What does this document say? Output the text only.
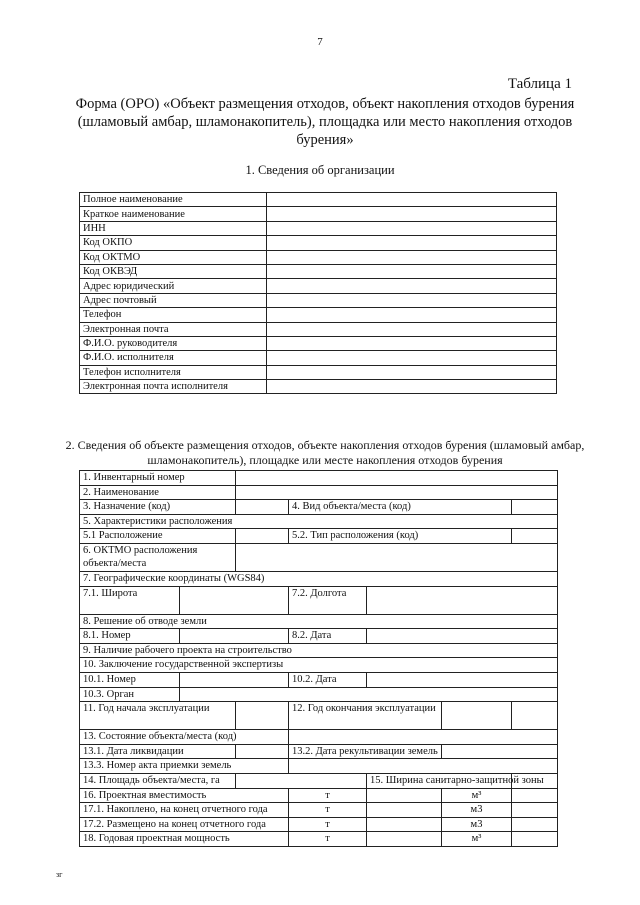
7
Таблица 1
Форма (ОРО) «Объект размещения отходов, объект накопления отходов бурения (шламовый амбар, шламонакопитель), площадка или место накопления отходов бурения»
1. Сведения об организации
Полное наименование	
Краткое наименование	
ИНН	
Код ОКПО	
Код ОКТМО	
Код ОКВЭД	
Адрес юридический	
Адрес почтовый	
Телефон	
Электронная почта	
Ф.И.О. руководителя	
Ф.И.О. исполнителя	
Телефон исполнителя	
Электронная почта исполнителя	
2. Сведения об объекте размещения отходов, объекте накопления отходов бурения (шламовый амбар, шламонакопитель), площадке или месте накопления отходов бурения
1. Инвентарный номер						
2. Наименование						
3. Назначение (код)			4. Вид объекта/места (код)			
5. Характеристики расположения						
5.1 Расположение			5.2. Тип расположения (код)			
6. ОКТМО расположения объекта/места						
7. Географические координаты (WGS84)						
7.1. Широта			7.2. Долгота			
8. Решение об отводе земли						
8.1. Номер			8.2. Дата			
9. Наличие рабочего проекта на строительство						
10. Заключение государственной экспертизы						
10.1. Номер			10.2. Дата			
10.3. Орган						
11. Год начала эксплуатации			12. Год окончания эксплуатации			
13. Состояние объекта/места (код)						
13.1. Дата ликвидации			13.2. Дата рекультивации земель			
13.3. Номер акта приемки земель						
14. Площадь объекта/места, га				15. Ширина санитарно-защитной зоны		
16. Проектная вместимость			т		м³	
17.1. Накоплено, на конец отчетного года			т		м3	
17.2. Размещено на конец отчетного года			т		м3	
18. Годовая проектная мощность			т		м³	
зг
